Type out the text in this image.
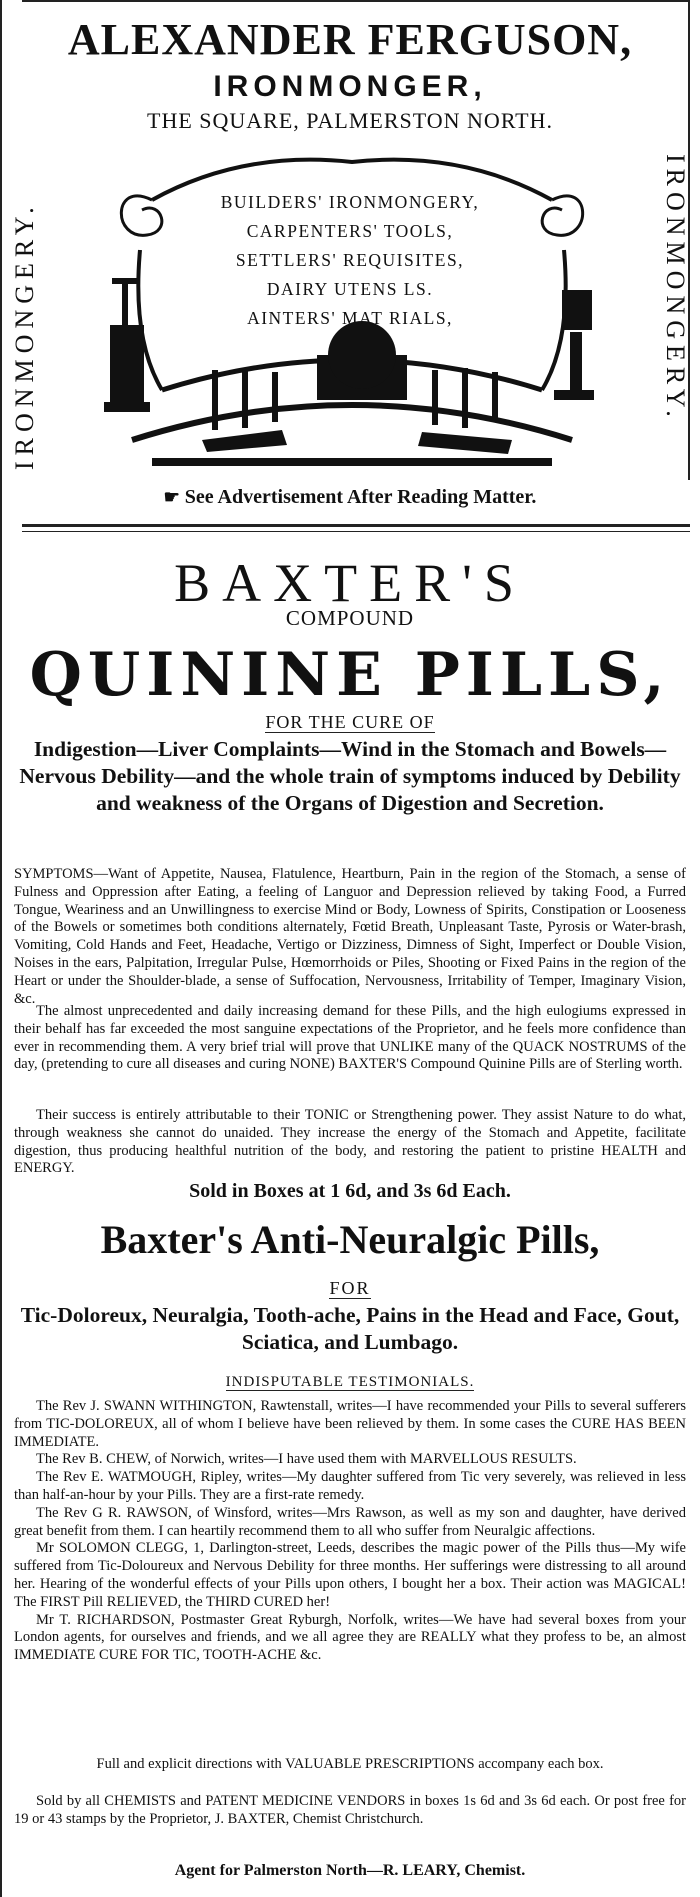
ALEXANDER FERGUSON,
IRONMONGER,
THE SQUARE, PALMERSTON NORTH.
IRONMONGERY.	IRONMONGERY.
BUILDERS' IRONMONGERY,
CARPENTERS' TOOLS,
SETTLERS' REQUISITES,
DAIRY UTENS LS.
AINTERS' MAT RIALS,
☛ See Advertisement After Reading Matter.
BAXTER'S
COMPOUND
QUININE PILLS,
FOR THE CURE OF
Indigestion—Liver Complaints—Wind in the Stomach and Bowels—Nervous Debility—and the whole train of symptoms induced by Debility and weakness of the Organs of Digestion and Secretion.
SYMPTOMS—Want of Appetite, Nausea, Flatulence, Heartburn, Pain in the region of the Stomach, a sense of Fulness and Oppression after Eating, a feeling of Languor and Depression relieved by taking Food, a Furred Tongue, Weariness and an Unwillingness to exercise Mind or Body, Lowness of Spirits, Constipation or Looseness of the Bowels or sometimes both conditions alternately, Fœtid Breath, Unpleasant Taste, Pyrosis or Water-brash, Vomiting, Cold Hands and Feet, Headache, Vertigo or Dizziness, Dimness of Sight, Imperfect or Double Vision, Noises in the ears, Palpitation, Irregular Pulse, Hœmorrhoids or Piles, Shooting or Fixed Pains in the region of the Heart or under the Shoulder-blade, a sense of Suffocation, Nervousness, Irritability of Temper, Imaginary Vision, &c.
The almost unprecedented and daily increasing demand for these Pills, and the high eulogiums expressed in their behalf has far exceeded the most sanguine expectations of the Proprietor, and he feels more confidence than ever in recommending them. A very brief trial will prove that UNLIKE many of the QUACK NOSTRUMS of the day, (pretending to cure all diseases and curing NONE) BAXTER'S Compound Quinine Pills are of Sterling worth.
Their success is entirely attributable to their TONIC or Strengthening power. They assist Nature to do what, through weakness she cannot do unaided. They increase the energy of the Stomach and Appetite, facilitate digestion, thus producing healthful nutrition of the body, and restoring the patient to pristine HEALTH and ENERGY.
Sold in Boxes at 1 6d, and 3s 6d Each.
Baxter's Anti-Neuralgic Pills,
FOR
Tic-Doloreux, Neuralgia, Tooth-ache, Pains in the Head and Face, Gout, Sciatica, and Lumbago.
INDISPUTABLE TESTIMONIALS.

The Rev J. SWANN WITHINGTON, Rawtenstall, writes—I have recommended your Pills to several sufferers from TIC-DOLOREUX, all of whom I believe have been relieved by them. In some cases the CURE HAS BEEN IMMEDIATE.

The Rev B. CHEW, of Norwich, writes—I have used them with MARVELLOUS RESULTS.

The Rev E. WATMOUGH, Ripley, writes—My daughter suffered from Tic very severely, was relieved in less than half-an-hour by your Pills. They are a first-rate remedy.

The Rev G R. RAWSON, of Winsford, writes—Mrs Rawson, as well as my son and daughter, have derived great benefit from them. I can heartily recommend them to all who suffer from Neuralgic affections.

Mr SOLOMON CLEGG, 1, Darlington-street, Leeds, describes the magic power of the Pills thus—My wife suffered from Tic-Doloureux and Nervous Debility for three months. Her sufferings were distressing to all around her. Hearing of the wonderful effects of your Pills upon others, I bought her a box. Their action was MAGICAL! The FIRST Pill RELIEVED, the THIRD CURED her!

Mr T. RICHARDSON, Postmaster Great Ryburgh, Norfolk, writes—We have had several boxes from your London agents, for ourselves and friends, and we all agree they are REALLY what they profess to be, an almost IMMEDIATE CURE FOR TIC, TOOTH-ACHE &c.

Full and explicit directions with VALUABLE PRESCRIPTIONS accompany each box.
Sold by all CHEMISTS and PATENT MEDICINE VENDORS in boxes 1s 6d and 3s 6d each. Or post free for 19 or 43 stamps by the Proprietor, J. BAXTER, Chemist Christchurch.
Agent for Palmerston North—R. LEARY, Chemist.
